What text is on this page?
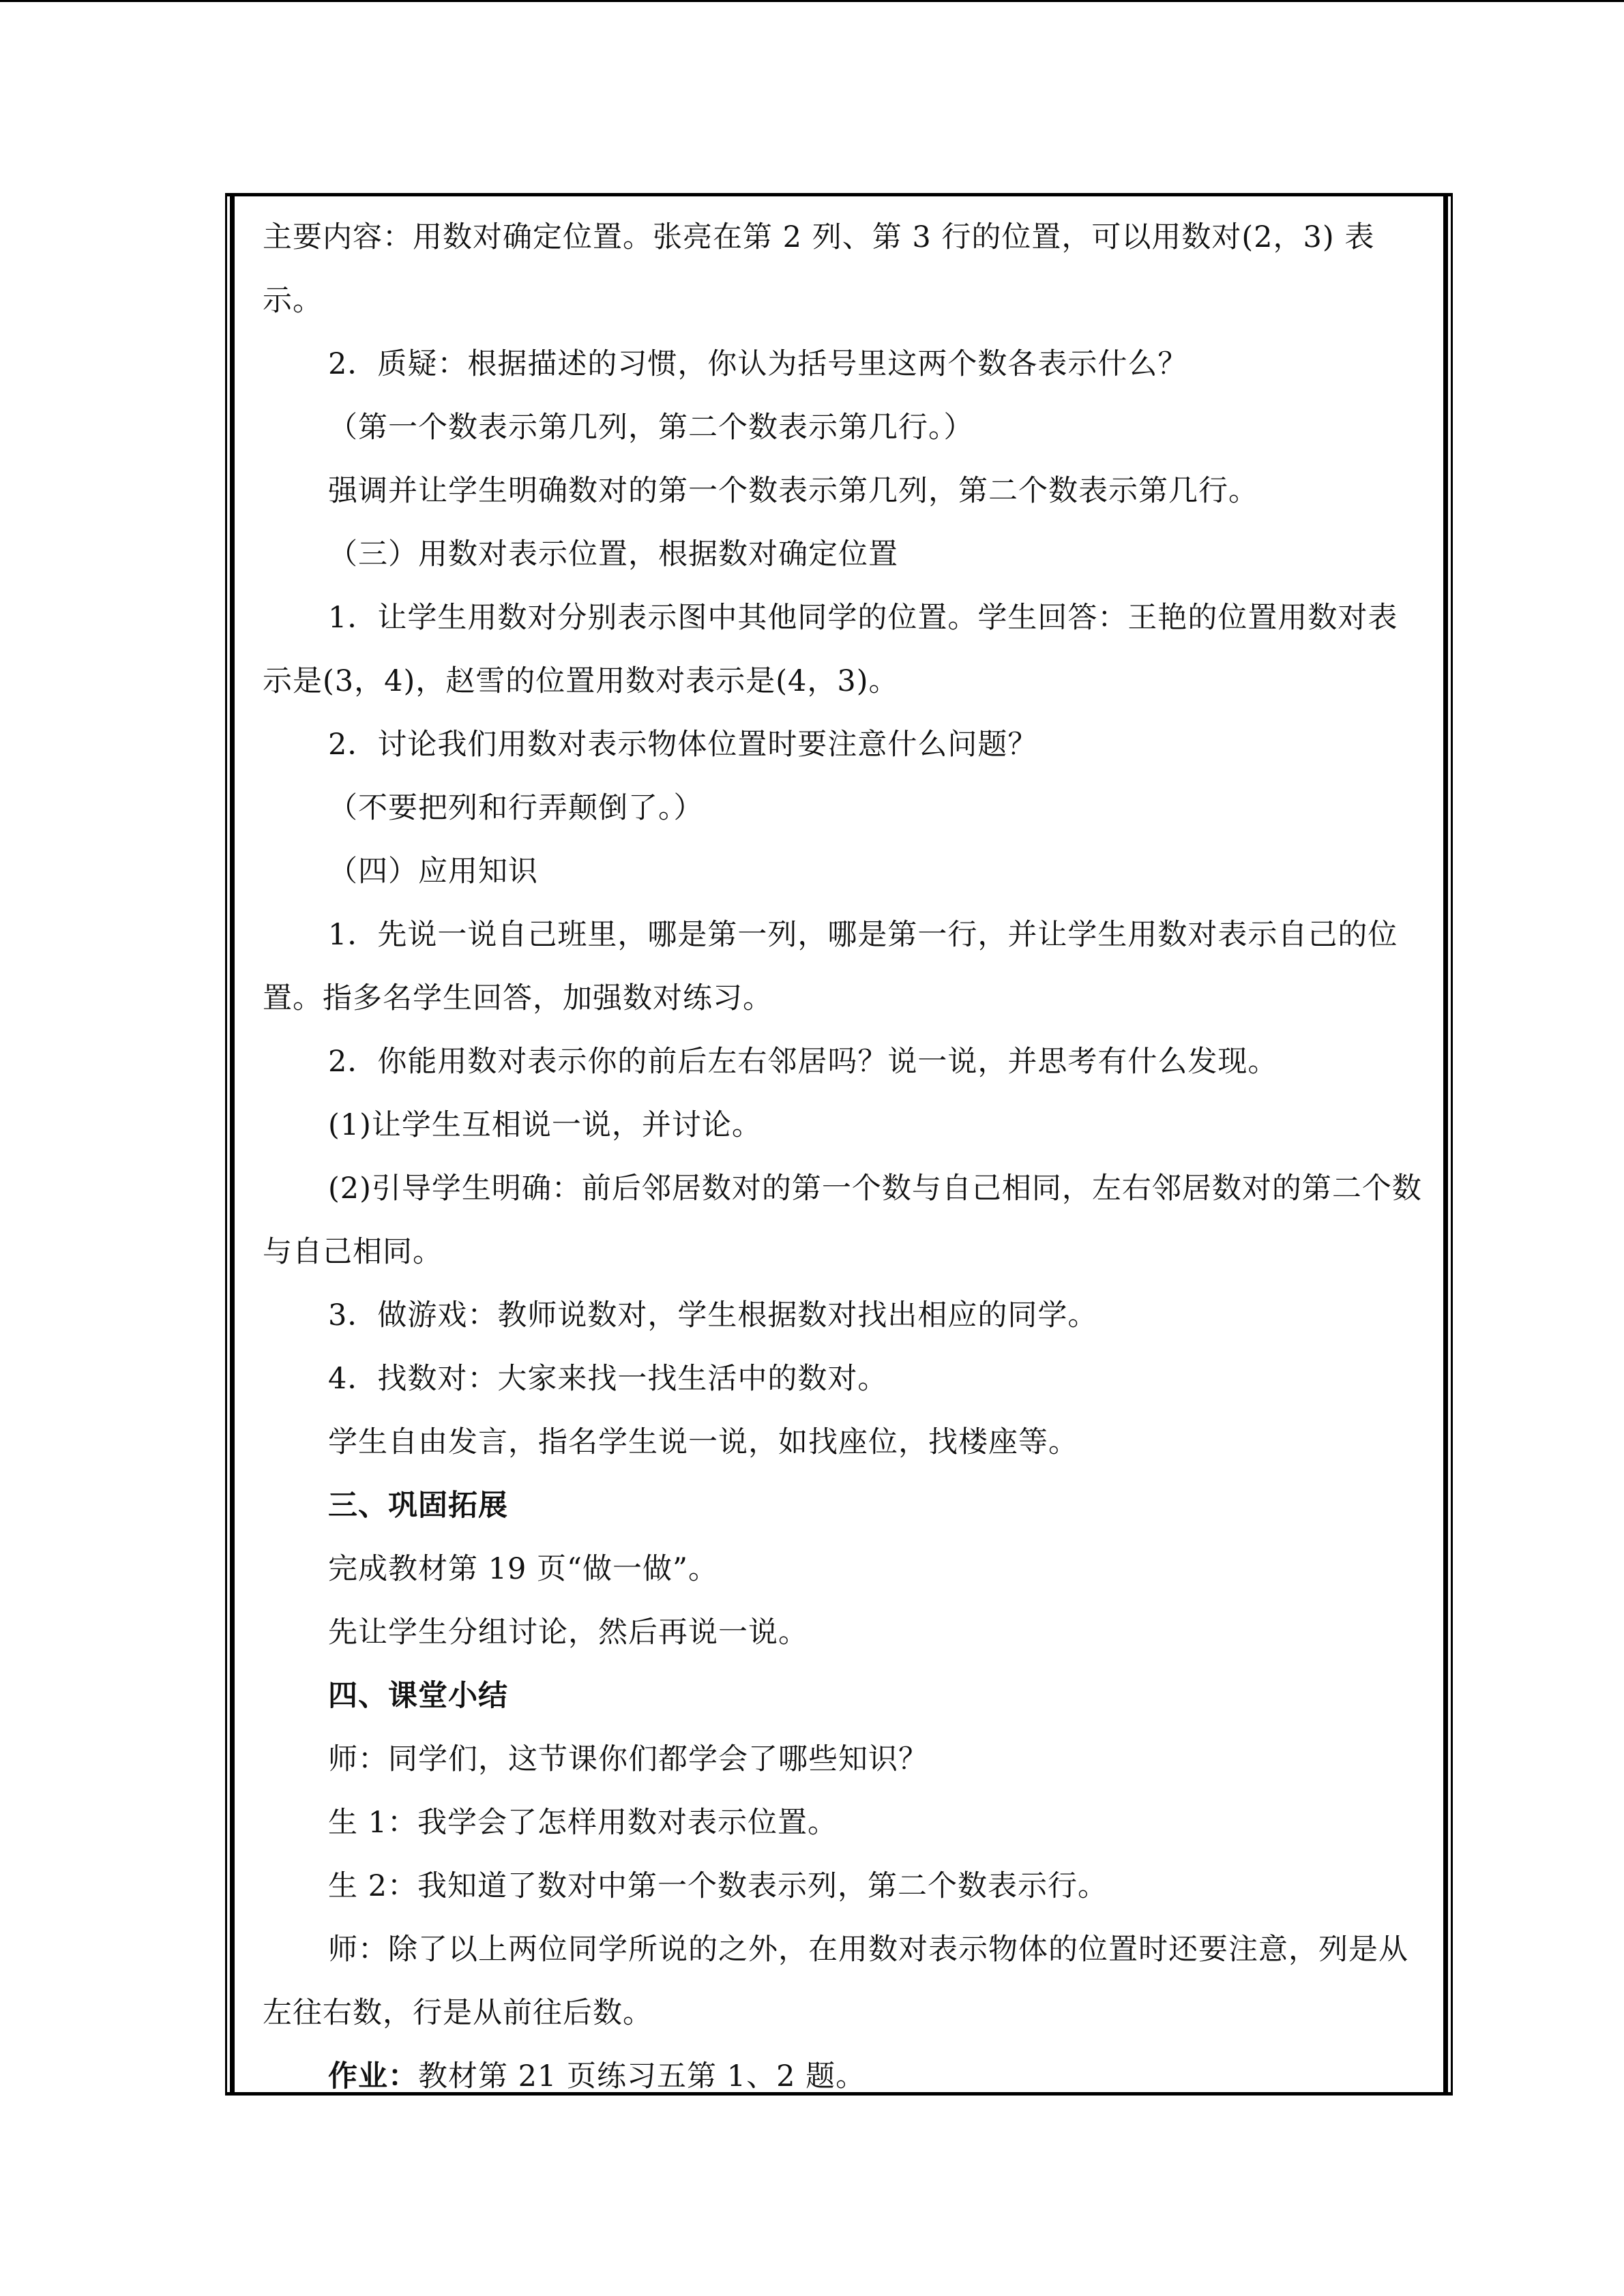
主要内容：用数对确定位置。张亮在第 2 列、第 3 行的位置，可以用数对(2，3) 表示。

2．质疑：根据描述的习惯，你认为括号里这两个数各表示什么？

（第一个数表示第几列，第二个数表示第几行。）

强调并让学生明确数对的第一个数表示第几列，第二个数表示第几行。

（三）用数对表示位置，根据数对确定位置

1．让学生用数对分别表示图中其他同学的位置。学生回答：王艳的位置用数对表示是(3，4)，赵雪的位置用数对表示是(4，3)。

2．讨论我们用数对表示物体位置时要注意什么问题？

（不要把列和行弄颠倒了。）

（四）应用知识

1．先说一说自己班里，哪是第一列，哪是第一行，并让学生用数对表示自己的位置。指多名学生回答，加强数对练习。

2．你能用数对表示你的前后左右邻居吗？说一说，并思考有什么发现。

(1)让学生互相说一说，并讨论。

(2)引导学生明确：前后邻居数对的第一个数与自己相同，左右邻居数对的第二个数与自己相同。

3．做游戏：教师说数对，学生根据数对找出相应的同学。

4．找数对：大家来找一找生活中的数对。

学生自由发言，指名学生说一说，如找座位，找楼座等。

三、巩固拓展

完成教材第 19 页“做一做”。

先让学生分组讨论，然后再说一说。

四、课堂小结

师：同学们，这节课你们都学会了哪些知识？

生 1：我学会了怎样用数对表示位置。

生 2：我知道了数对中第一个数表示列，第二个数表示行。

师：除了以上两位同学所说的之外，在用数对表示物体的位置时还要注意，列是从左往右数，行是从前往后数。

作业：教材第 21 页练习五第 1、2 题。
